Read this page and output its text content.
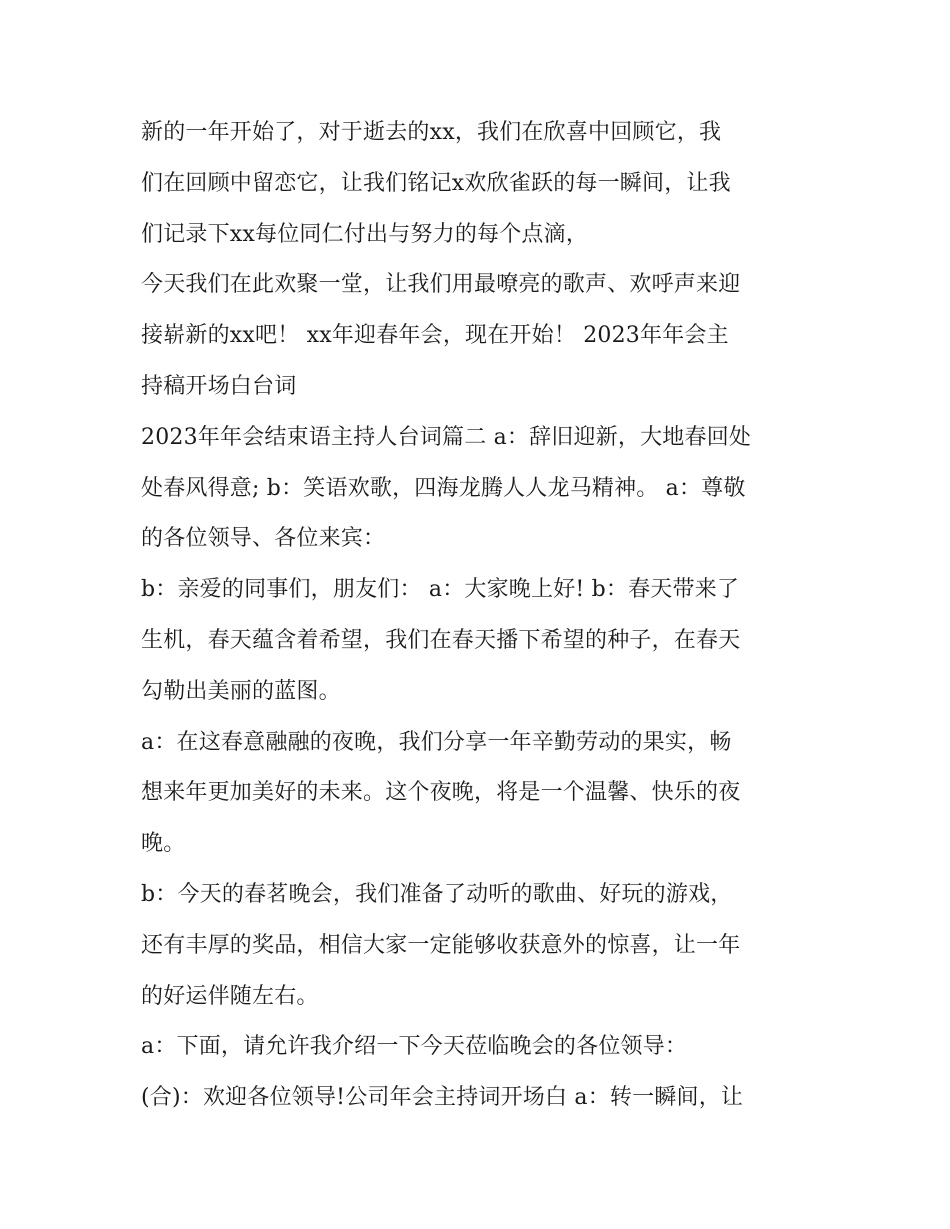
新的一年开始了，对于逝去的xx，我们在欣喜中回顾它，我
们在回顾中留恋它，让我们铭记x欢欣雀跃的每一瞬间，让我
们记录下xx每位同仁付出与努力的每个点滴，
今天我们在此欢聚一堂，让我们用最嘹亮的歌声、欢呼声来迎
接崭新的xx吧！ xx年迎春年会，现在开始！ 2023年年会主
持稿开场白台词
2023年年会结束语主持人台词篇二 a：辞旧迎新，大地春回处
处春风得意; b：笑语欢歌，四海龙腾人人龙马精神。 a：尊敬
的各位领导、各位来宾：
b：亲爱的同事们，朋友们： a：大家晚上好! b：春天带来了
生机，春天蕴含着希望，我们在春天播下希望的种子，在春天
勾勒出美丽的蓝图。
a：在这春意融融的夜晚，我们分享一年辛勤劳动的果实，畅
想来年更加美好的未来。这个夜晚，将是一个温馨、快乐的夜
晚。
b：今天的春茗晚会，我们准备了动听的歌曲、好玩的游戏，
还有丰厚的奖品，相信大家一定能够收获意外的惊喜，让一年
的好运伴随左右。
a：下面，请允许我介绍一下今天莅临晚会的各位领导：
(合)：欢迎各位领导!公司年会主持词开场白 a：转一瞬间，让
